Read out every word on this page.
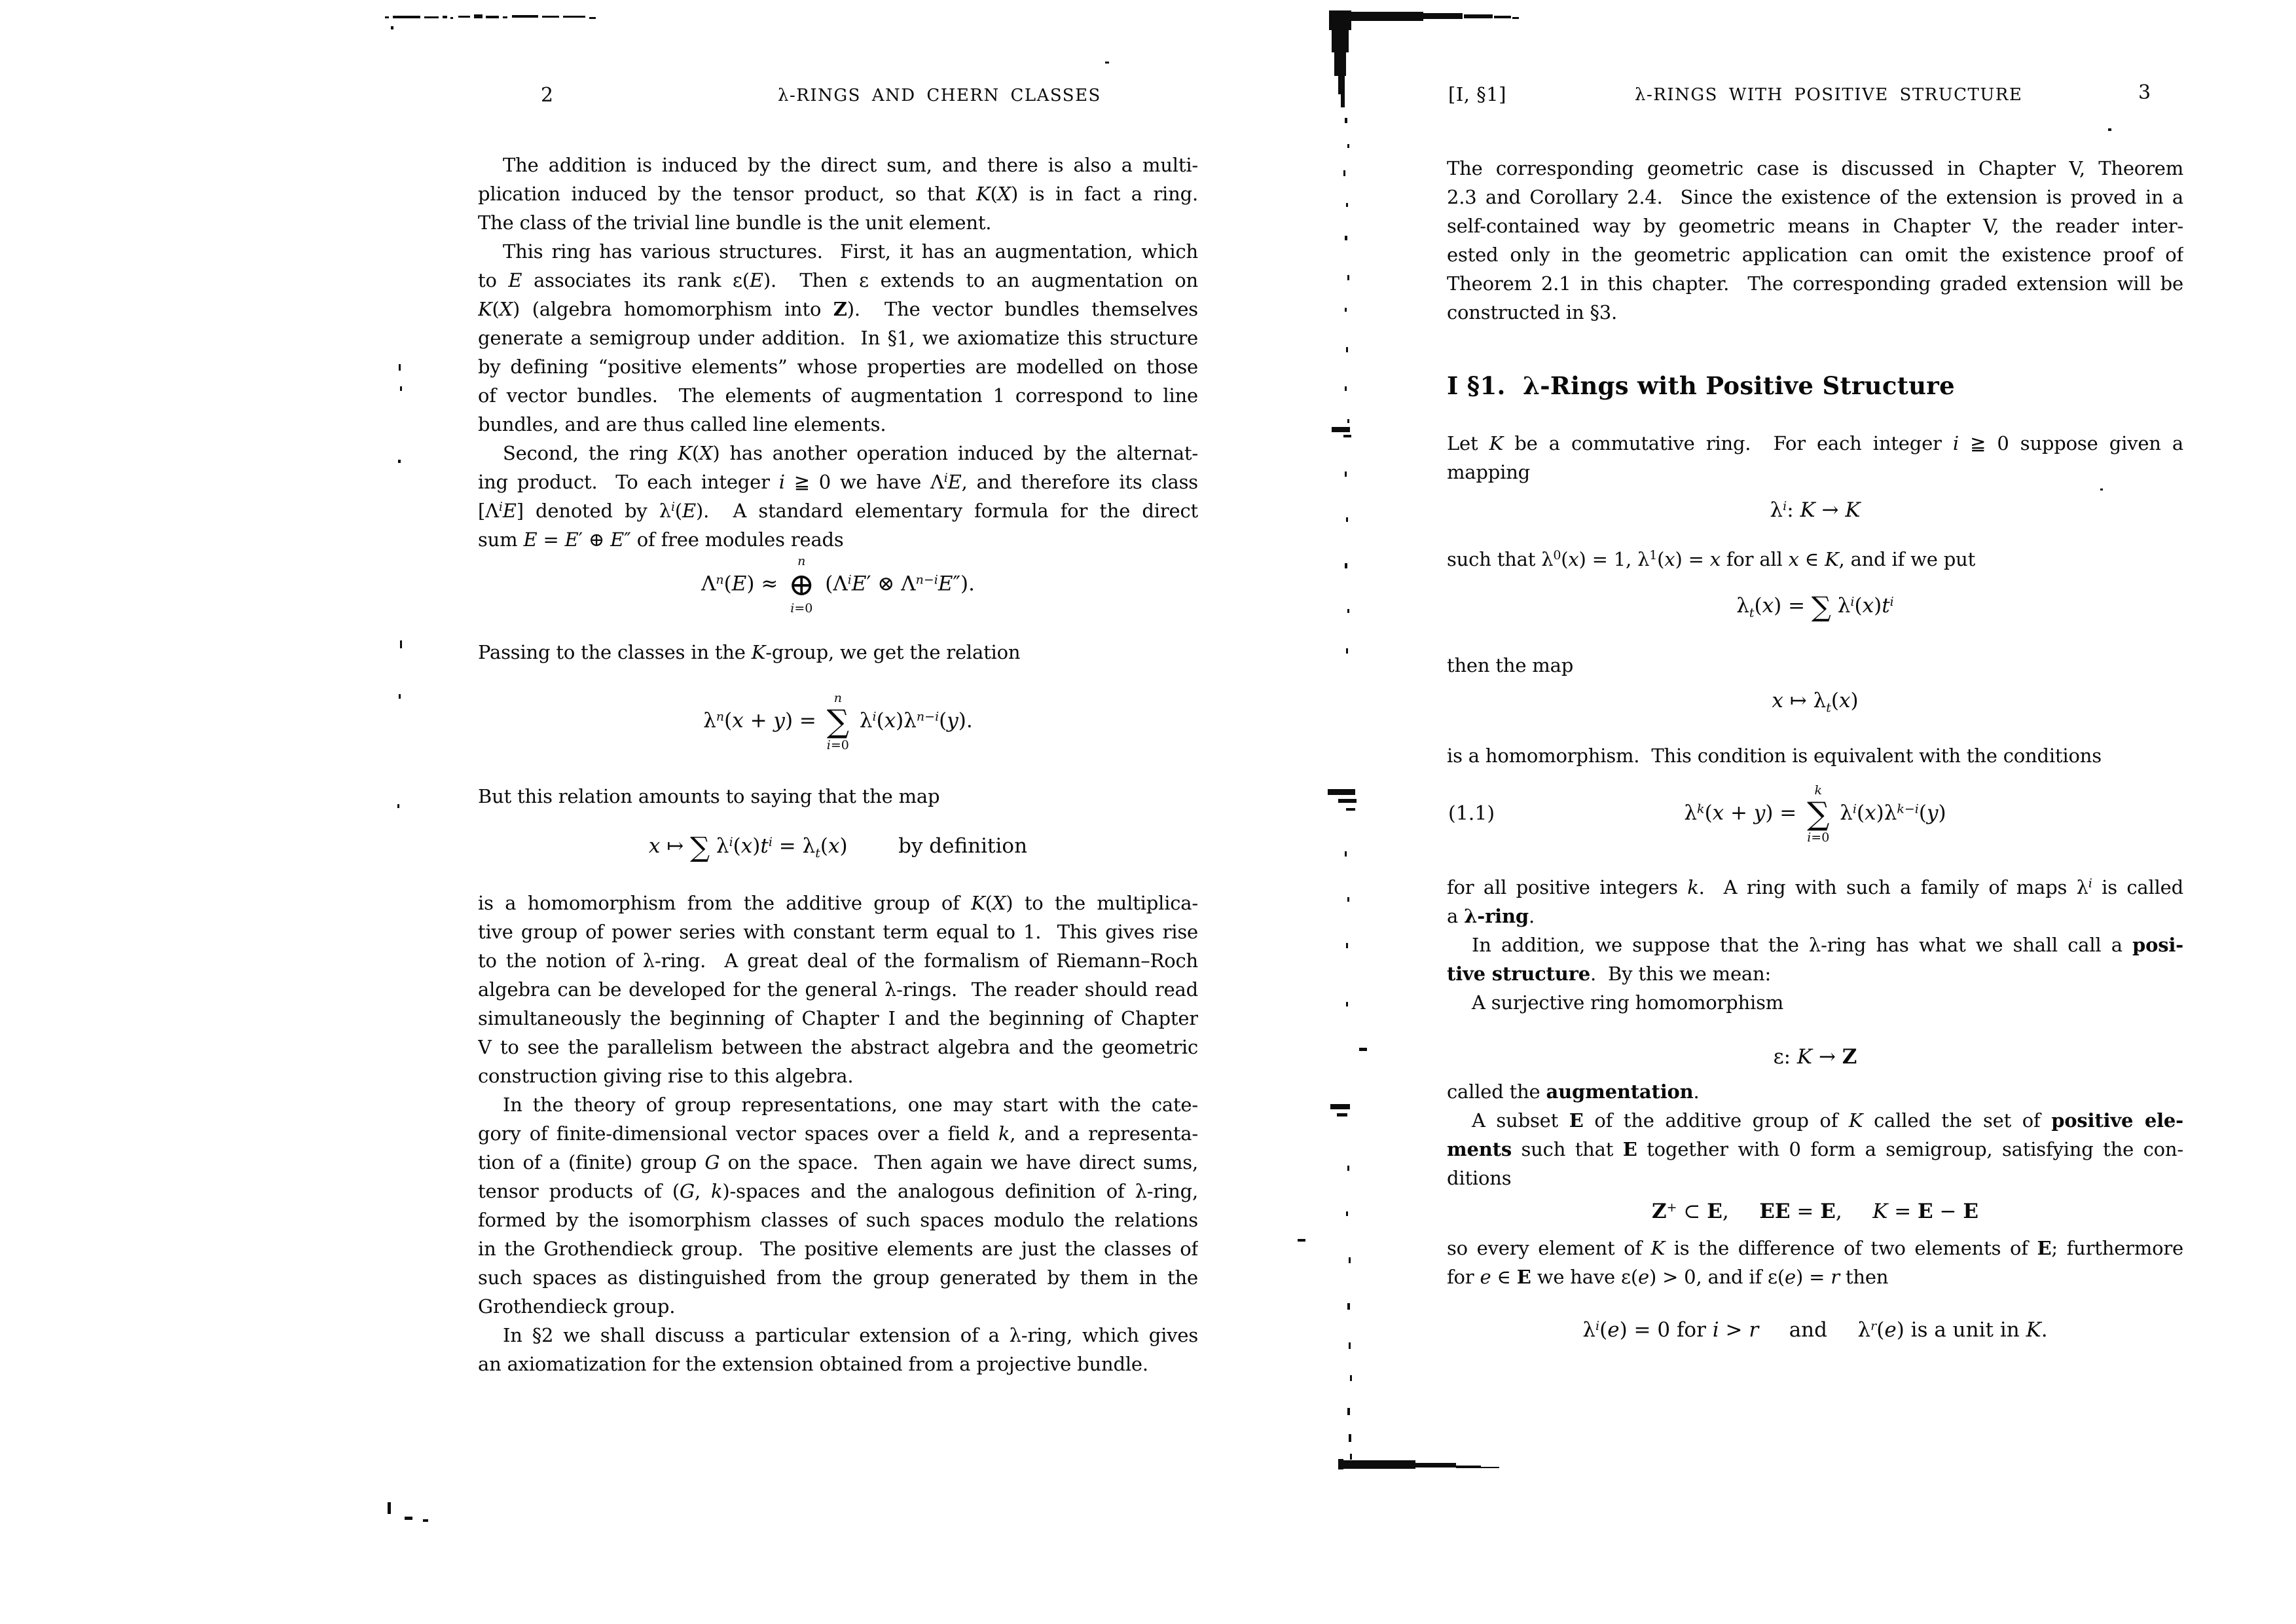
2	λ-RINGS AND CHERN CLASSES
The addition is induced by the direct sum, and there is also a multi-
plication induced by the tensor product, so that K(X) is in fact a ring.
The class of the trivial line bundle is the unit element.
This ring has various structures.  First, it has an augmentation, which
to E associates its rank ε(E).  Then ε extends to an augmentation on
K(X) (algebra homomorphism into Z).  The vector bundles themselves
generate a semigroup under addition.  In §1, we axiomatize this structure
by defining “positive elements” whose properties are modelled on those
of vector bundles.  The elements of augmentation 1 correspond to line
bundles, and are thus called line elements.
Second, the ring K(X) has another operation induced by the alternat-
ing product.  To each integer i ≧ 0 we have $\Lambda^iE$, and therefore its class
$[\Lambda^iE]$ denoted by $\lambda^i(E)$.  A standard elementary formula for the direct
sum E = E′ ⊕ E″ of free modules reads
$\Lambda^n(E)$ ≈
n
⊕
i=0
($\Lambda^iE'$ ⊗ $\Lambda^{n-i}E''$).
Passing to the classes in the K-group, we get the relation
$\lambda^n(x + y)$ =
n
∑
i=0
$\lambda^i(x)\lambda^{n-i}(y)$.
But this relation amounts to saying that the map
x ↦ ∑ $\lambda^i(x)t^i = \lambda_t(x)$   by definition
is a homomorphism from the additive group of K(X) to the multiplica-
tive group of power series with constant term equal to 1.  This gives rise
to the notion of λ-ring.  A great deal of the formalism of Riemann–Roch
algebra can be developed for the general λ-rings.  The reader should read
simultaneously the beginning of Chapter I and the beginning of Chapter
V to see the parallelism between the abstract algebra and the geometric
construction giving rise to this algebra.
In the theory of group representations, one may start with the cate-
gory of finite-dimensional vector spaces over a field k, and a representa-
tion of a (finite) group G on the space.  Then again we have direct sums,
tensor products of (G, k)-spaces and the analogous definition of λ-ring,
formed by the isomorphism classes of such spaces modulo the relations
in the Grothendieck group.  The positive elements are just the classes of
such spaces as distinguished from the group generated by them in the
Grothendieck group.
In §2 we shall discuss a particular extension of a λ-ring, which gives
an axiomatization for the extension obtained from a projective bundle.
[I, §1]	λ-RINGS WITH POSITIVE STRUCTURE	3
The corresponding geometric case is discussed in Chapter V, Theorem
2.3 and Corollary 2.4.  Since the existence of the extension is proved in a
self-contained way by geometric means in Chapter V, the reader inter-
ested only in the geometric application can omit the existence proof of
Theorem 2.1 in this chapter.  The corresponding graded extension will be
constructed in §3.
I §1.  λ-Rings with Positive Structure
Let K be a commutative ring.  For each integer i ≧ 0 suppose given a
mapping
$\lambda^i$: K → K
such that $\lambda^0(x) = 1$, $\lambda^1(x) = x$ for all x ∈ K, and if we put
$\lambda_t(x)$ = ∑ $\lambda^i(x)t^i$
then the map
x ↦ $\lambda_t(x)$
is a homomorphism.  This condition is equivalent with the conditions
(1.1)	$\lambda^k(x + y)$ =
k
∑
i=0
$\lambda^i(x)\lambda^{k-i}(y)$
for all positive integers k.  A ring with such a family of maps $\lambda^i$ is called
a λ-ring.
In addition, we suppose that the λ-ring has what we shall call a posi-
tive structure.  By this we mean:
A surjective ring homomorphism
ε: K → Z
called the augmentation.
A subset E of the additive group of K called the set of positive ele-
ments such that E together with 0 form a semigroup, satisfying the con-
ditions
Z+ ⊂ E,  EE = E,  K = E − E
so every element of K is the difference of two elements of E; furthermore
for e ∈ E we have ε(e) > 0, and if ε(e) = r then
$\lambda^i(e) = 0$ for i > r  and  $\lambda^r(e)$ is a unit in K.
